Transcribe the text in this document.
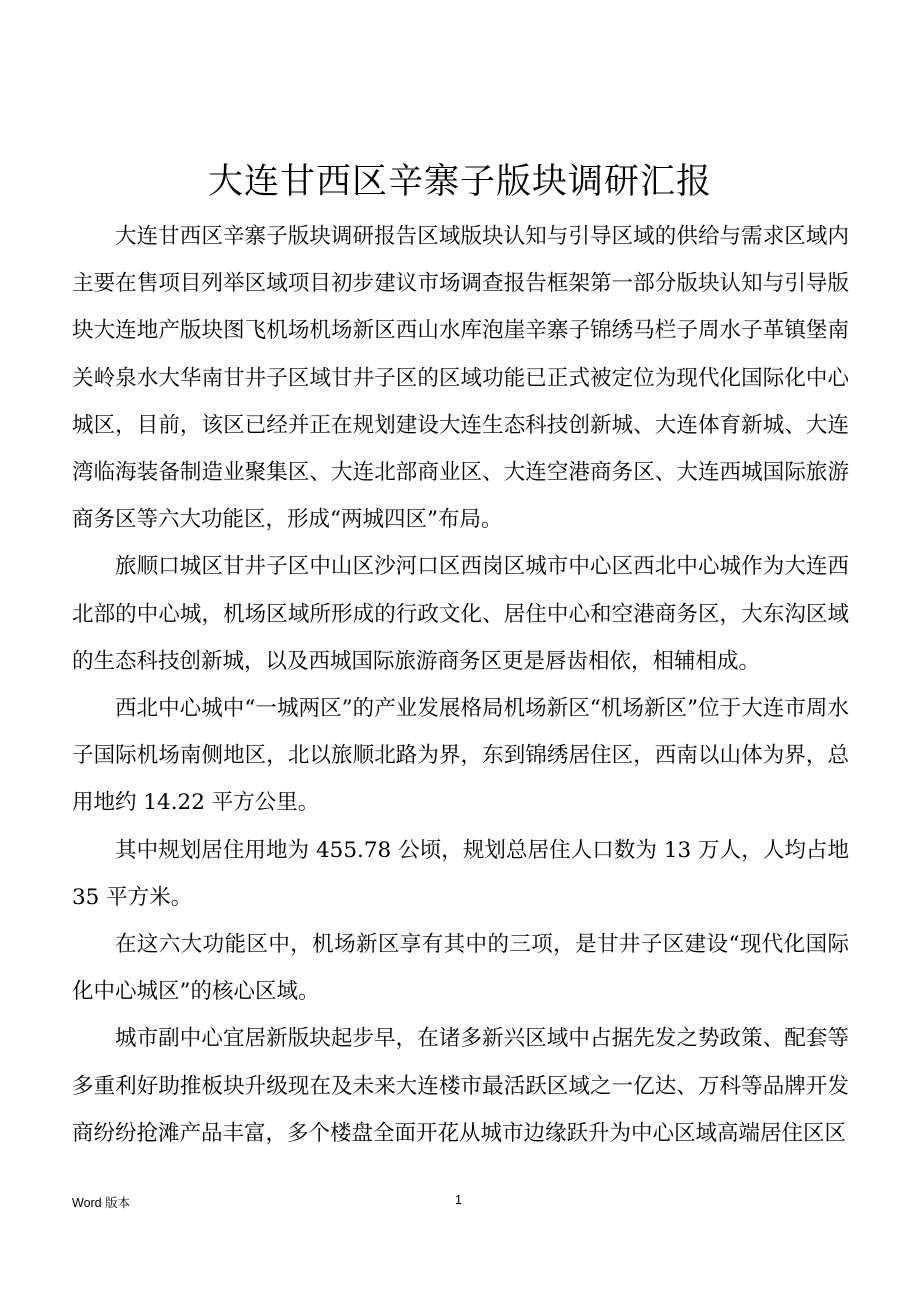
大连甘西区辛寨子版块调研汇报

大连甘西区辛寨子版块调研报告区域版块认知与引导区域的供给与需求区域内主要在售项目列举区域项目初步建议市场调查报告框架第一部分版块认知与引导版块大连地产版块图飞机场机场新区西山水库泡崖辛寨子锦绣马栏子周水子革镇堡南关岭泉水大华南甘井子区域甘井子区的区域功能已正式被定位为现代化国际化中心城区，目前，该区已经并正在规划建设大连生态科技创新城、大连体育新城、大连湾临海装备制造业聚集区、大连北部商业区、大连空港商务区、大连西城国际旅游商务区等六大功能区，形成“两城四区”布局。

旅顺口城区甘井子区中山区沙河口区西岗区城市中心区西北中心城作为大连西北部的中心城，机场区域所形成的行政文化、居住中心和空港商务区，大东沟区域的生态科技创新城，以及西城国际旅游商务区更是唇齿相依，相辅相成。

西北中心城中“一城两区”的产业发展格局机场新区“机场新区”位于大连市周水子国际机场南侧地区，北以旅顺北路为界，东到锦绣居住区，西南以山体为界，总用地约 14.22 平方公里。

其中规划居住用地为 455.78 公顷，规划总居住人口数为 13 万人，人均占地 35 平方米。

在这六大功能区中，机场新区享有其中的三项，是甘井子区建设“现代化国际化中心城区”的核心区域。

城市副中心宜居新版块起步早，在诸多新兴区域中占据先发之势政策、配套等多重利好助推板块升级现在及未来大连楼市最活跃区域之一亿达、万科等品牌开发商纷纷抢滩产品丰富，多个楼盘全面开花从城市边缘跃升为中心区域高端居住区区

Word 版本	1
